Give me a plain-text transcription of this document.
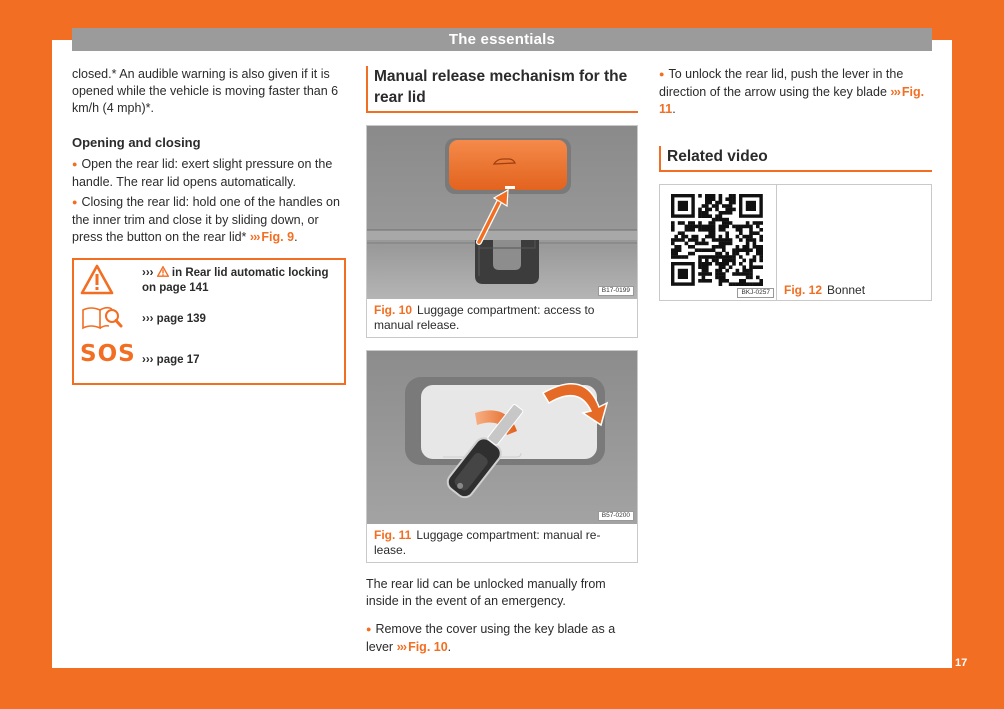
The essentials
closed.* An audible warning is also given if it is opened while the vehicle is moving faster than 6 km/h (4 mph)*.
Opening and closing
● Open the rear lid: exert slight pressure on the handle. The rear lid opens automatically.
● Closing the rear lid: hold one of the handles on the inner trim and close it by sliding down, or press the button on the rear lid* ››› Fig. 9.
››› in Rear lid automatic locking on page 141
››› page 139
SOS ››› page 17
Manual release mechanism for the rear lid
B17-0199
Fig. 10 Luggage compartment: access to manual release.
B57-0200
Fig. 11 Luggage compartment: manual re-lease.
The rear lid can be unlocked manually from inside in the event of an emergency.
● Remove the cover using the key blade as a lever ››› Fig. 10.
● To unlock the rear lid, push the lever in the direction of the arrow using the key blade ››› Fig. 11.
Related video
BKJ-0257	Fig. 12 Bonnet
17
